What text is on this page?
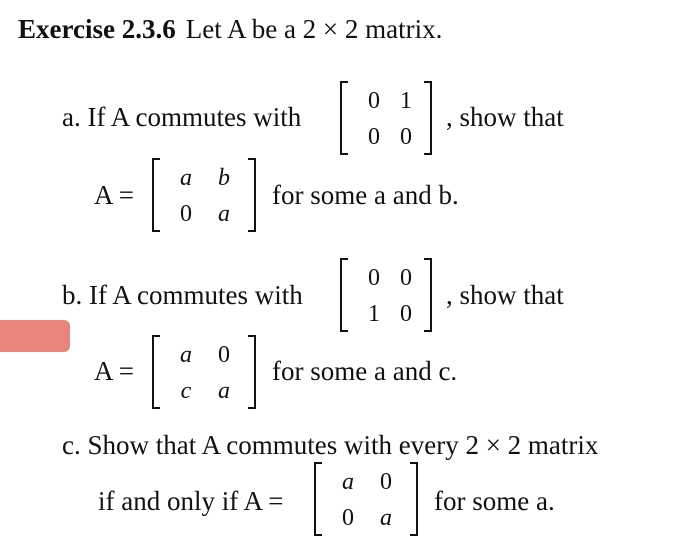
Exercise 2.3.6 Let A be a 2 × 2 matrix.
a. If A commutes with
0 1
0 0
, show that
A =
a b
0 a
for some a and b.
b. If A commutes with
0 0
1 0
, show that
A =
a 0
c a
for some a and c.
c. Show that A commutes with every 2 × 2 matrix
if and only if A =
a 0
0 a
for some a.
